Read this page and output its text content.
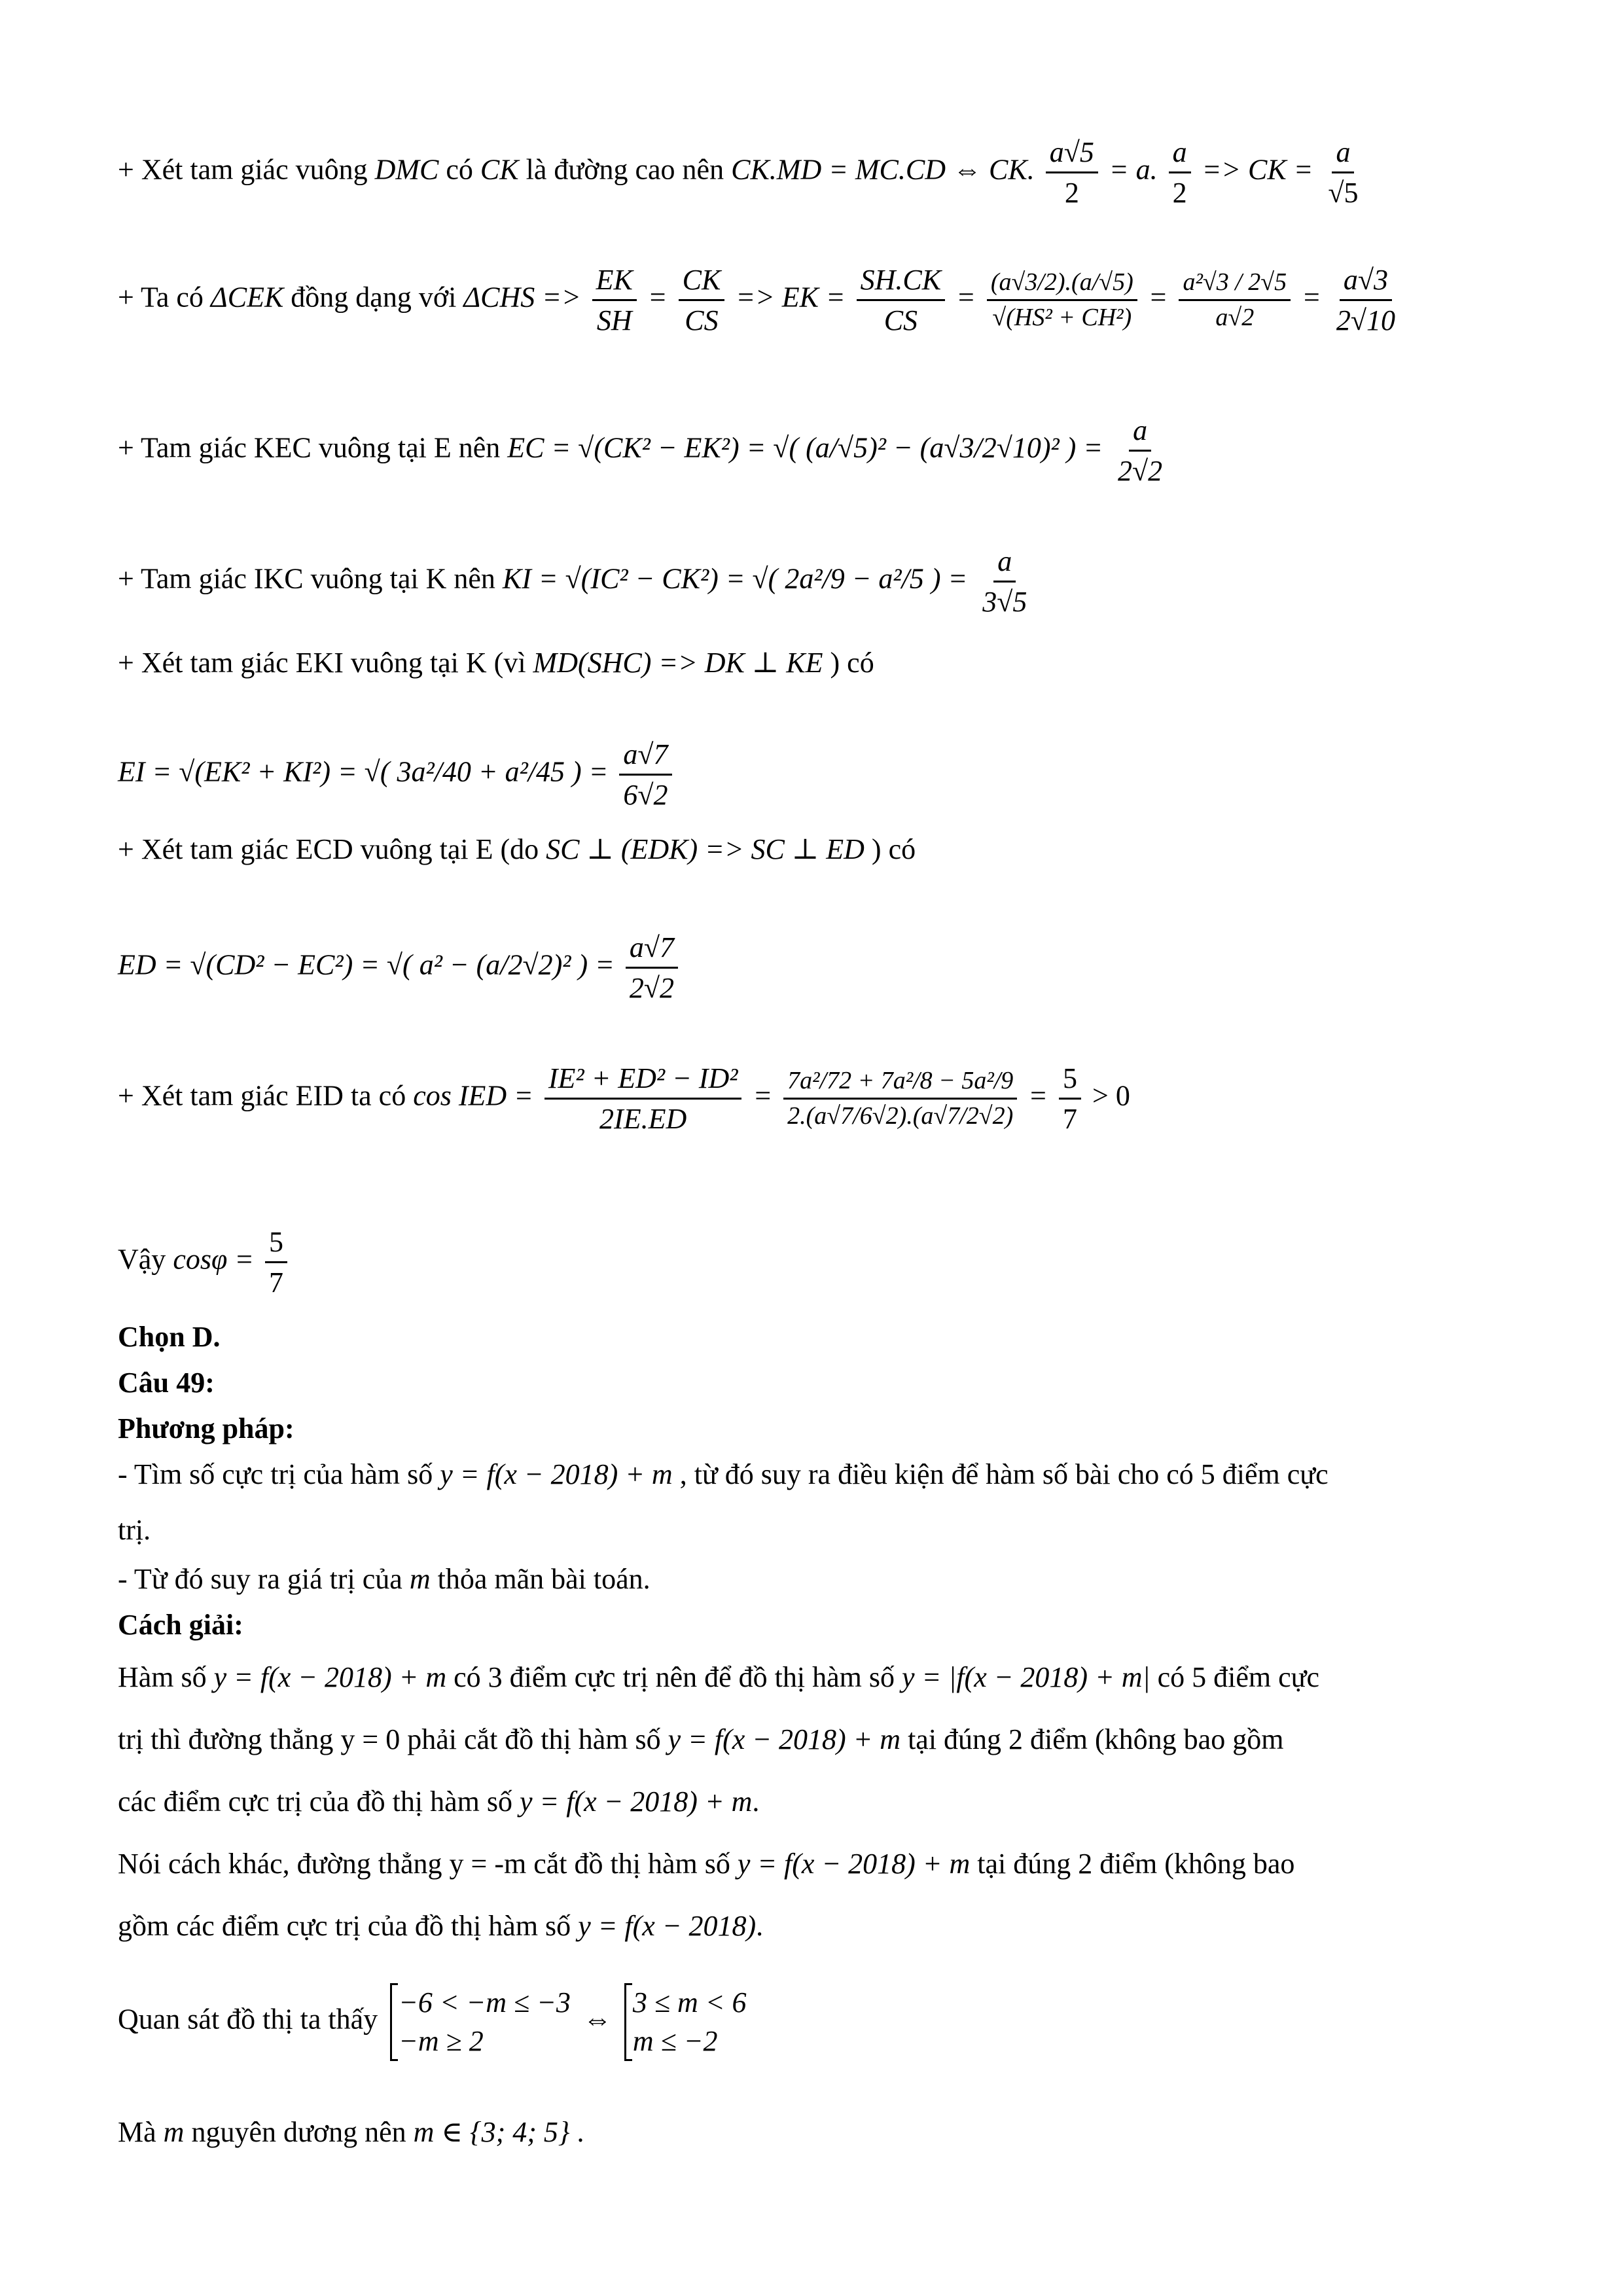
+ Xét tam giác vuông DMC có CK là đường cao nên CK.MD = MC.CD ⇔ CK. $\frac{a√5}{2} = a$. $\frac{a}{2}$ => CK = $\frac{a}{√5}$
+ Ta có ΔCEK đồng dạng với $\Delta CHS => \frac{EK}{SH} = \frac{CK}{CS}$ => EK = $\frac{SH.CK}{CS} = \frac{(a√3/2).(a/√5)}{\text{√(HS² + CH²)}} = \frac{\text{a²√3 / 2√5}}{a√2} = \frac{a√3}{2√10}$
+ Tam giác KEC vuông tại E nên EC = √(CK² − EK²) = √( (a/√5)² − (a√3/2√10)² ) = $\frac{a}{2√2}$
+ Tam giác IKC vuông tại K nên KI = √(IC² − CK²) = √( 2a²/9 − a²/5 ) = $\frac{a}{3√5}$
+ Xét tam giác EKI vuông tại K (vì MD(SHC) => DK ⊥ KE ) có
EI = √(EK² + KI²) = √( 3a²/40 + a²/45 ) = $\frac{a√7}{6√2}$
+ Xét tam giác ECD vuông tại E (do SC ⊥ (EDK) => SC ⊥ ED ) có
ED = √(CD² − EC²) = √( a² − (a/2√2)² ) = $\frac{a√7}{2√2}$
+ Xét tam giác EID ta có cos IED = $\frac{\text{IE² + ED² − ID²}}{2IE.ED} = \frac{\text{7a²/72 + 7a²/8 − 5a²/9}}{2.(a√7/6√2).(a√7/2√2)} = \frac{5}{7} > 0$
Vậy $\cos\varphi = \frac{5}{7}$
Chọn D.
Câu 49:
Phương pháp:
- Tìm số cực trị của hàm số y = f(x − 2018) + m , từ đó suy ra điều kiện để hàm số bài cho có 5 điểm cực
trị.
- Từ đó suy ra giá trị của m thỏa mãn bài toán.
Cách giải:
Hàm số y = f(x − 2018) + m có 3 điểm cực trị nên để đồ thị hàm số y = |f(x − 2018) + m| có 5 điểm cực
trị thì đường thẳng y = 0 phải cắt đồ thị hàm số y = f(x − 2018) + m tại đúng 2 điểm (không bao gồm
các điểm cực trị của đồ thị hàm số y = f(x − 2018) + m.
Nói cách khác, đường thẳng y = -m cắt đồ thị hàm số y = f(x − 2018) + m tại đúng 2 điểm (không bao
gồm các điểm cực trị của đồ thị hàm số y = f(x − 2018).
Quan sát đồ thị ta thấy
−6 < −m ≤ −3
−m ≥ 2
⇔
3 ≤ m < 6
m ≤ −2
Mà m nguyên dương nên m ∈ {3; 4; 5} .
